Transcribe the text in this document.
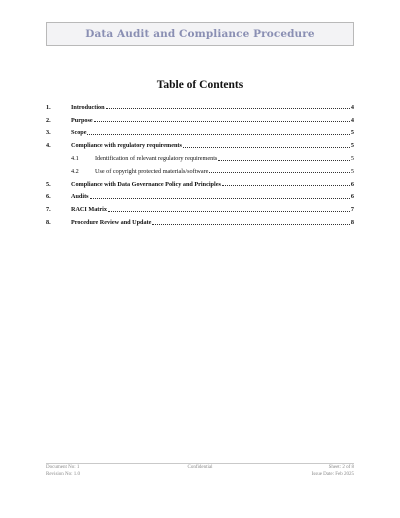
Data Audit and Compliance Procedure
Table of Contents
1.	Introduction	4
2.	Purpose	4
3.	Scope	5
4.	Compliance with regulatory requirements	5
4.1	Identification of relevant regulatory requirements	5
4.2	Use of copyright protected materials/software	5
5.	Compliance with Data Governance Policy and Principles	6
6.	Audits	6
7.	RACI Matrix	7
8.	Procedure Review and Update	8
Document No: 1
Revision No: 1.0
Confidential	Sheet: 2 of 8
Issue Date: Feb 2025
